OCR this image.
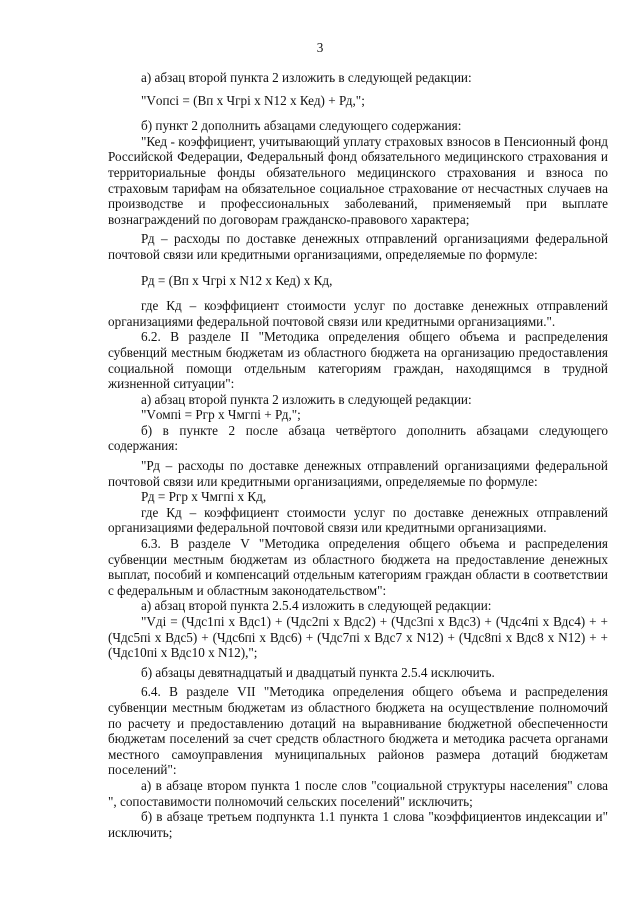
3

а) абзац второй пункта 2 изложить в следующей редакции:

"Vопсі = (Вп х Чгрі х N12 х Кед) + Рд,";

б) пункт 2 дополнить абзацами следующего содержания:

"Кед - коэффициент, учитывающий уплату страховых взносов в Пенсионный фонд Российской Федерации, Федеральный фонд обязательного медицинского страхования и территориальные фонды обязательного медицинского страхования и взноса по страховым тарифам на обязательное социальное страхование от несчастных случаев на производстве и профессиональных заболеваний, применяемый при выплате вознаграждений по договорам гражданско-правового характера;

Рд – расходы по доставке денежных отправлений организациями федеральной почтовой связи или кредитными организациями, определяемые по формуле:

Рд = (Вп х Чгрі х N12 х Кед) х Кд,

где Кд – коэффициент стоимости услуг по доставке денежных отправлений организациями федеральной почтовой связи или кредитными организациями.".

6.2. В разделе II "Методика определения общего объема и распределения субвенций местным бюджетам из областного бюджета на организацию предоставления социальной помощи отдельным категориям граждан, находящимся в трудной жизненной ситуации":

а) абзац второй пункта 2 изложить в следующей редакции:

"Vомпі = Ргр х Чмгпі + Рд,";

б) в пункте 2 после абзаца четвёртого дополнить абзацами следующего содержания:

"Рд – расходы по доставке денежных отправлений организациями федеральной почтовой связи или кредитными организациями, определяемые по формуле:

Рд = Ргр х Чмгпі х Кд,

где Кд – коэффициент стоимости услуг по доставке денежных отправлений организациями федеральной почтовой связи или кредитными организациями.

6.3. В разделе V "Методика определения общего объема и распределения субвенции местным бюджетам из областного бюджета на предоставление денежных выплат, пособий и компенсаций отдельным категориям граждан области в соответствии с федеральным и областным законодательством":

а) абзац второй пункта 2.5.4 изложить в следующей редакции:

"Vді = (Чдс1пі х Вдс1) + (Чдс2пі х Вдс2) + (Чдс3пі х Вдс3) + (Чдс4пі х Вдс4) + + (Чдс5пі х Вдс5) + (Чдс6пі х Вдс6) + (Чдс7пі х Вдс7 х N12) + (Чдс8пі х Вдс8 х N12) + + (Чдс10пі х Вдс10 х N12),";

б) абзацы девятнадцатый и двадцатый пункта 2.5.4 исключить.

6.4. В разделе VII "Методика определения общего объема и распределения субвенции местным бюджетам из областного бюджета на осуществление полномочий по расчету и предоставлению дотаций на выравнивание бюджетной обеспеченности бюджетам поселений за счет средств областного бюджета и методика расчета органами местного самоуправления муниципальных районов размера дотаций бюджетам поселений":

а) в абзаце втором пункта 1 после слов "социальной структуры населения" слова ", сопоставимости полномочий сельских поселений" исключить;

б) в абзаце третьем подпункта 1.1 пункта 1 слова "коэффициентов индексации и" исключить;
